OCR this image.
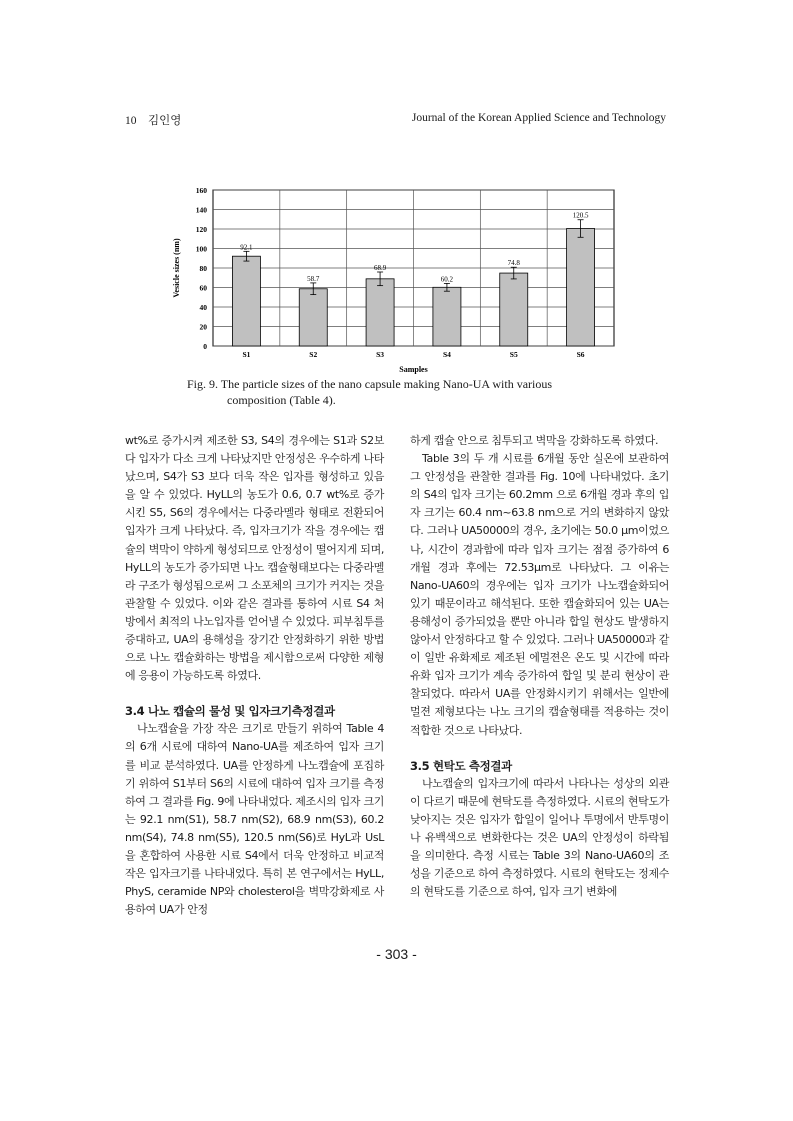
10 김인영	Journal of the Korean Applied Science and Technology
0
20
40
60
80
100
120
140
160
92.1
S1
58.7
S2
68.9
S3
60.2
S4
74.8
S5
120.5
S6
Samples
Vesicle sizes (nm)
Fig. 9. The particle sizes of the nano capsule making Nano-UA with various
composition (Table 4).

wt%로 증가시켜 제조한 S3, S4의 경우에는 S1과 S2보다 입자가 다소 크게 나타났지만 안정성은 우수하게 나타났으며, S4가 S3 보다 더욱 작은 입자를 형성하고 있음을 알 수 있었다. HyLL의 농도가 0.6, 0.7 wt%로 증가시킨 S5, S6의 경우에서는 다중라멜라 형태로 전환되어 입자가 크게 나타났다. 즉, 입자크기가 작을 경우에는 캡슐의 벽막이 약하게 형성되므로 안정성이 떨어지게 되며, HyLL의 농도가 증가되면 나노 캡슐형태보다는 다중라멜라 구조가 형성됨으로써 그 소포체의 크기가 커지는 것을 관찰할 수 있었다. 이와 같은 결과를 통하여 시료 S4 처방에서 최적의 나노입자를 얻어낼 수 있었다. 피부침투를 증대하고, UA의 용해성을 장기간 안정화하기 위한 방법으로 나노 캡슐화하는 방법을 제시함으로써 다양한 제형에 응용이 가능하도록 하였다.

3.4 나노 캡슐의 물성 및 입자크기측정결과

나노캡슐을 가장 작은 크기로 만들기 위하여 Table 4의 6개 시료에 대하여 Nano-UA를 제조하여 입자 크기를 비교 분석하였다. UA를 안정하게 나노캡슐에 포집하기 위하여 S1부터 S6의 시료에 대하여 입자 크기를 측정하여 그 결과를 Fig. 9에 나타내었다. 제조시의 입자 크기는 92.1 nm(S1), 58.7 nm(S2), 68.9 nm(S3), 60.2 nm(S4), 74.8 nm(S5), 120.5 nm(S6)로 HyL과 UsL을 혼합하여 사용한 시료 S4에서 더욱 안정하고 비교적 작은 입자크기를 나타내었다. 특히 본 연구에서는 HyLL, PhyS, ceramide NP와 cholesterol을 벽막강화제로 사용하여 UA가 안정

하게 캡슐 안으로 침투되고 벽막을 강화하도록 하였다.

Table 3의 두 개 시료를 6개월 동안 실온에 보관하여 그 안정성을 관찰한 결과를 Fig. 10에 나타내었다. 초기의 S4의 입자 크기는 60.2mm 으로 6개월 경과 후의 입자 크기는 60.4 nm~63.8 nm으로 거의 변화하지 않았다. 그러나 UA50000의 경우, 초기에는 50.0 μm이었으나, 시간이 경과함에 따라 입자 크기는 점점 증가하여 6개월 경과 후에는 72.53μm로 나타났다. 그 이유는 Nano-UA60의 경우에는 입자 크기가 나노캡슐화되어 있기 때문이라고 해석된다. 또한 캡슐화되어 있는 UA는 용해성이 증가되었을 뿐만 아니라 합일 현상도 발생하지 않아서 안정하다고 할 수 있었다. 그러나 UA50000과 같이 일반 유화제로 제조된 에멀젼은 온도 및 시간에 따라 유화 입자 크기가 계속 증가하여 합일 및 분리 현상이 관찰되었다. 따라서 UA를 안정화시키기 위해서는 일반에멀젼 제형보다는 나노 크기의 캡슐형태를 적용하는 것이 적합한 것으로 나타났다.

3.5 현탁도 측정결과

나노캡슐의 입자크기에 따라서 나타나는 성상의 외관이 다르기 때문에 현탁도를 측정하였다. 시료의 현탁도가 낮아지는 것은 입자가 합일이 일어나 투명에서 반투명이나 유백색으로 변화한다는 것은 UA의 안정성이 하락됨을 의미한다. 측정 시료는 Table 3의 Nano-UA60의 조성을 기준으로 하여 측정하였다. 시료의 현탁도는 정제수의 현탁도를 기준으로 하여, 입자 크기 변화에

- 303 -
